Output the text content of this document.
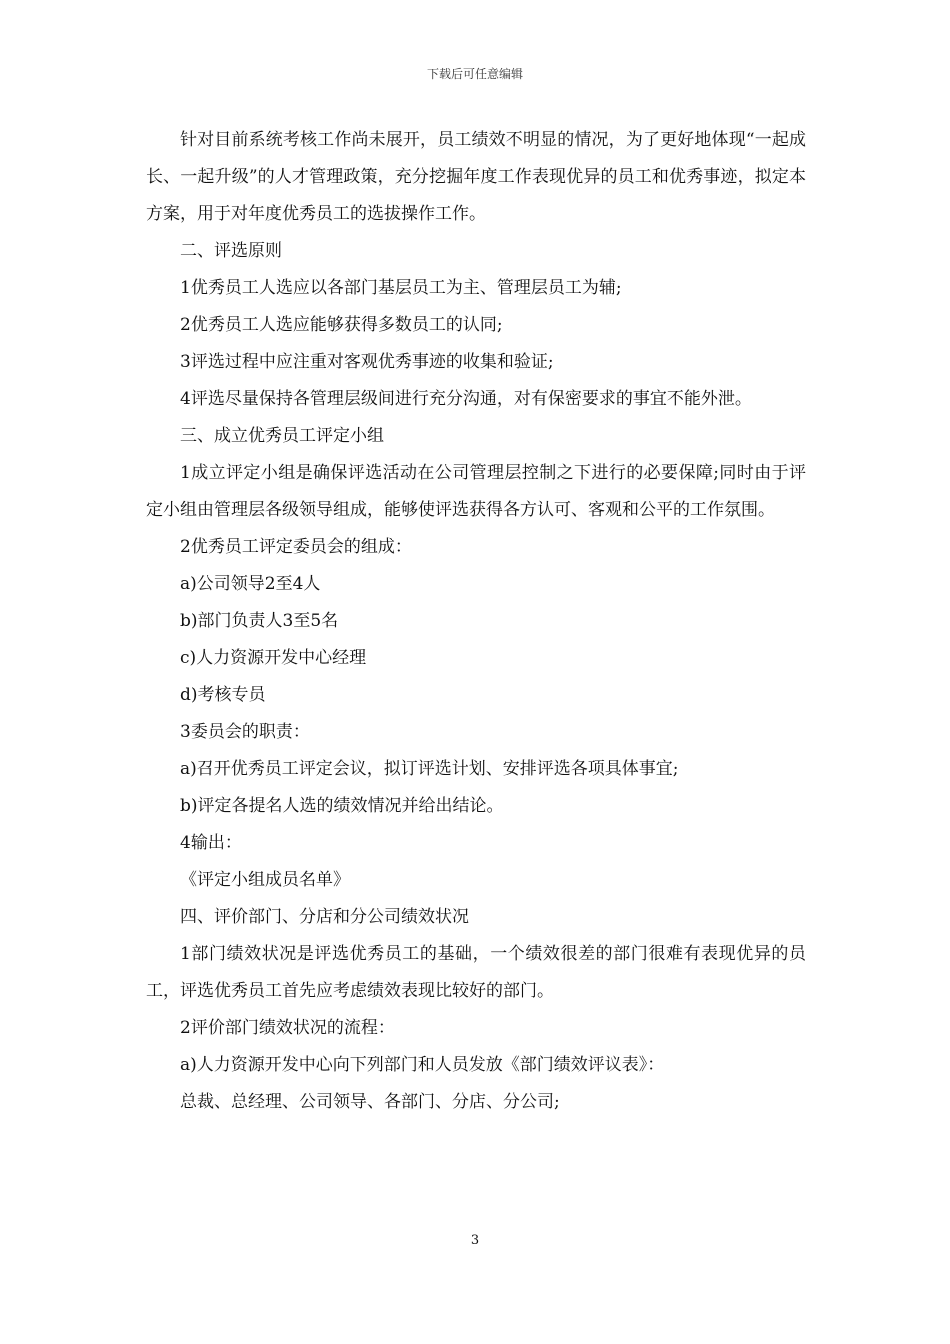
下载后可任意编辑

针对目前系统考核工作尚未展开，员工绩效不明显的情况，为了更好地体现“一起成长、一起升级”的人才管理政策，充分挖掘年度工作表现优异的员工和优秀事迹，拟定本方案，用于对年度优秀员工的选拔操作工作。

二、评选原则

1优秀员工人选应以各部门基层员工为主、管理层员工为辅;

2优秀员工人选应能够获得多数员工的认同;

3评选过程中应注重对客观优秀事迹的收集和验证;

4评选尽量保持各管理层级间进行充分沟通，对有保密要求的事宜不能外泄。

三、成立优秀员工评定小组

1成立评定小组是确保评选活动在公司管理层控制之下进行的必要保障;同时由于评定小组由管理层各级领导组成，能够使评选获得各方认可、客观和公平的工作氛围。

2优秀员工评定委员会的组成：

a)公司领导2至4人

b)部门负责人3至5名

c)人力资源开发中心经理

d)考核专员

3委员会的职责：

a)召开优秀员工评定会议，拟订评选计划、安排评选各项具体事宜;

b)评定各提名人选的绩效情况并给出结论。

4输出：

《评定小组成员名单》

四、评价部门、分店和分公司绩效状况

1部门绩效状况是评选优秀员工的基础，一个绩效很差的部门很难有表现优异的员工，评选优秀员工首先应考虑绩效表现比较好的部门。

2评价部门绩效状况的流程：

a)人力资源开发中心向下列部门和人员发放《部门绩效评议表》：

总裁、总经理、公司领导、各部门、分店、分公司;

3
